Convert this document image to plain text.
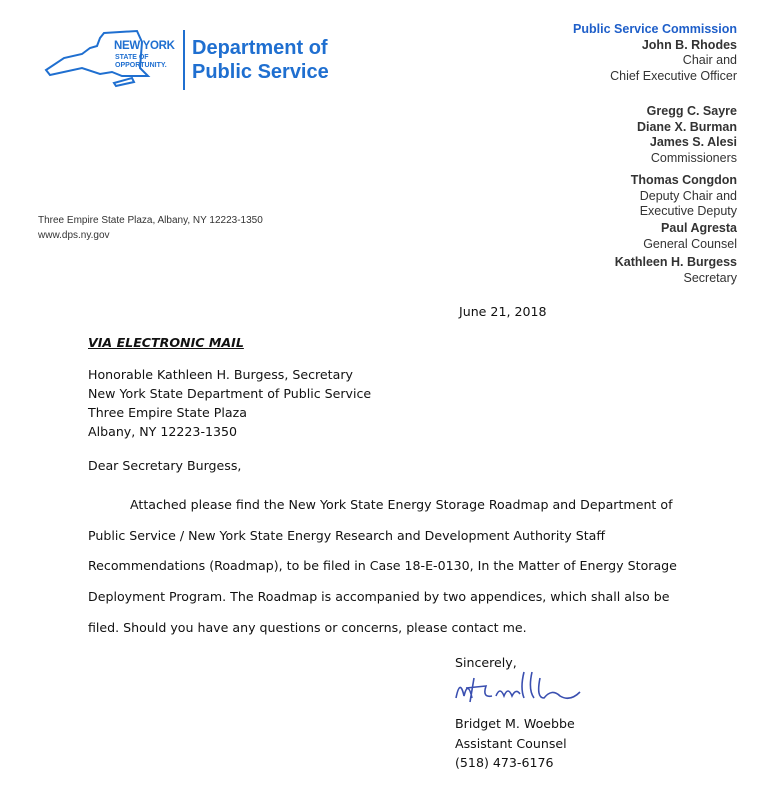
NEW YORK
STATE OF
OPPORTUNITY.
Department of
Public Service
Three Empire State Plaza, Albany, NY 12223-1350
www.dps.ny.gov
Public Service Commission
John B. Rhodes
Chair and
Chief Executive Officer
Gregg C. Sayre
Diane X. Burman
James S. Alesi
Commissioners
Thomas Congdon
Deputy Chair and
Executive Deputy
Paul Agresta
General Counsel
Kathleen H. Burgess
Secretary
June 21, 2018
VIA ELECTRONIC MAIL
Honorable Kathleen H. Burgess, Secretary
New York State Department of Public Service
Three Empire State Plaza
Albany, NY 12223-1350
Dear Secretary Burgess,
Attached please find the New York State Energy Storage Roadmap and Department of
Public Service / New York State Energy Research and Development Authority Staff
Recommendations (Roadmap), to be filed in Case 18-E-0130, In the Matter of Energy Storage
Deployment Program. The Roadmap is accompanied by two appendices, which shall also be
filed. Should you have any questions or concerns, please contact me.
Sincerely,
Bridget M. Woebbe
Assistant Counsel
(518) 473-6176
